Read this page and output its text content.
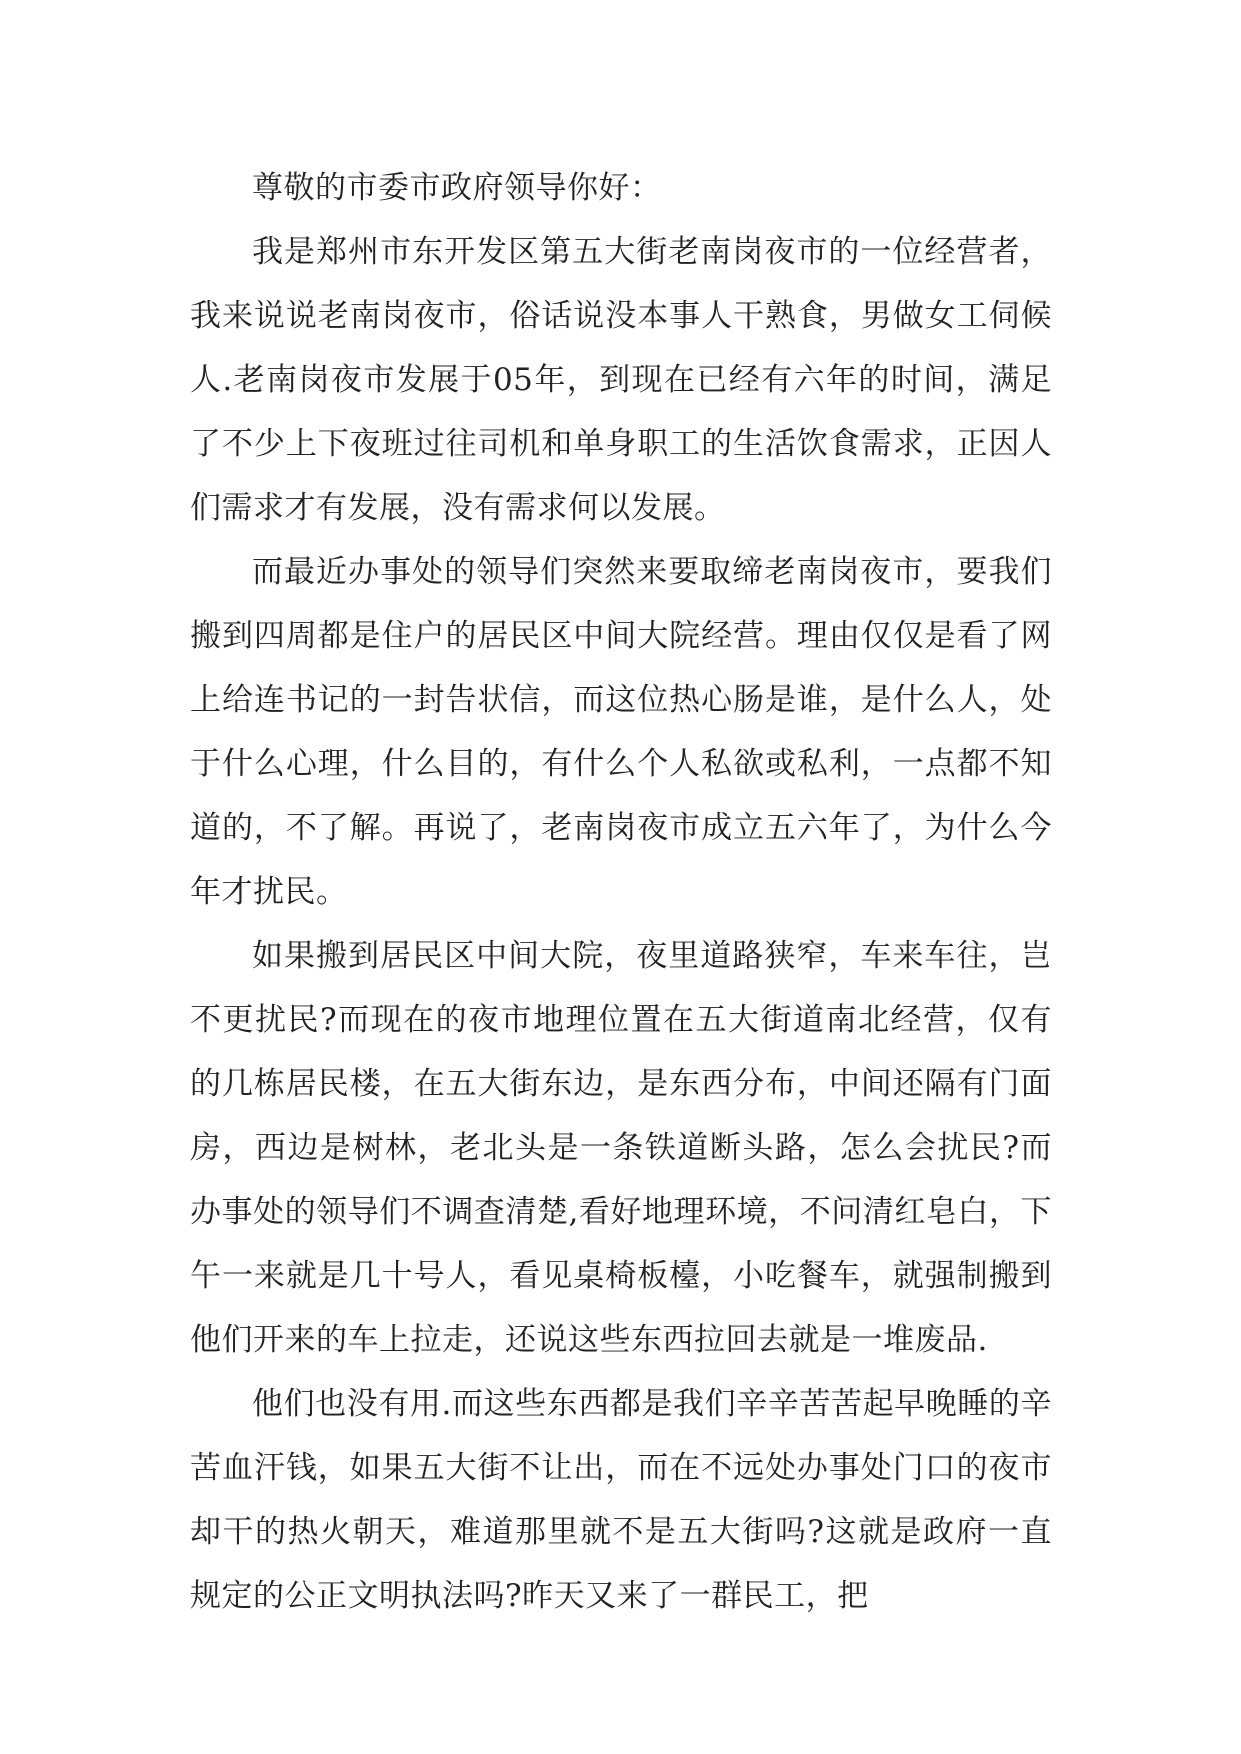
尊敬的市委市政府领导你好：

我是郑州市东开发区第五大街老南岗夜市的一位经营者，我来说说老南岗夜市，俗话说没本事人干熟食，男做女工伺候人.老南岗夜市发展于05年，到现在已经有六年的时间，满足了不少上下夜班过往司机和单身职工的生活饮食需求，正因人们需求才有发展，没有需求何以发展。

而最近办事处的领导们突然来要取缔老南岗夜市，要我们搬到四周都是住户的居民区中间大院经营。理由仅仅是看了网上给连书记的一封告状信，而这位热心肠是谁，是什么人，处于什么心理，什么目的，有什么个人私欲或私利，一点都不知道的，不了解。再说了，老南岗夜市成立五六年了，为什么今年才扰民。

如果搬到居民区中间大院，夜里道路狭窄，车来车往，岂不更扰民?而现在的夜市地理位置在五大街道南北经营，仅有的几栋居民楼，在五大街东边，是东西分布，中间还隔有门面房，西边是树林，老北头是一条铁道断头路，怎么会扰民?而办事处的领导们不调查清楚,看好地理环境，不问清红皂白，下午一来就是几十号人，看见桌椅板檯，小吃餐车，就强制搬到他们开来的车上拉走，还说这些东西拉回去就是一堆废品.

他们也没有用.而这些东西都是我们辛辛苦苦起早晚睡的辛苦血汗钱，如果五大街不让出，而在不远处办事处门口的夜市却干的热火朝天，难道那里就不是五大街吗?这就是政府一直规定的公正文明执法吗?昨天又来了一群民工，把
